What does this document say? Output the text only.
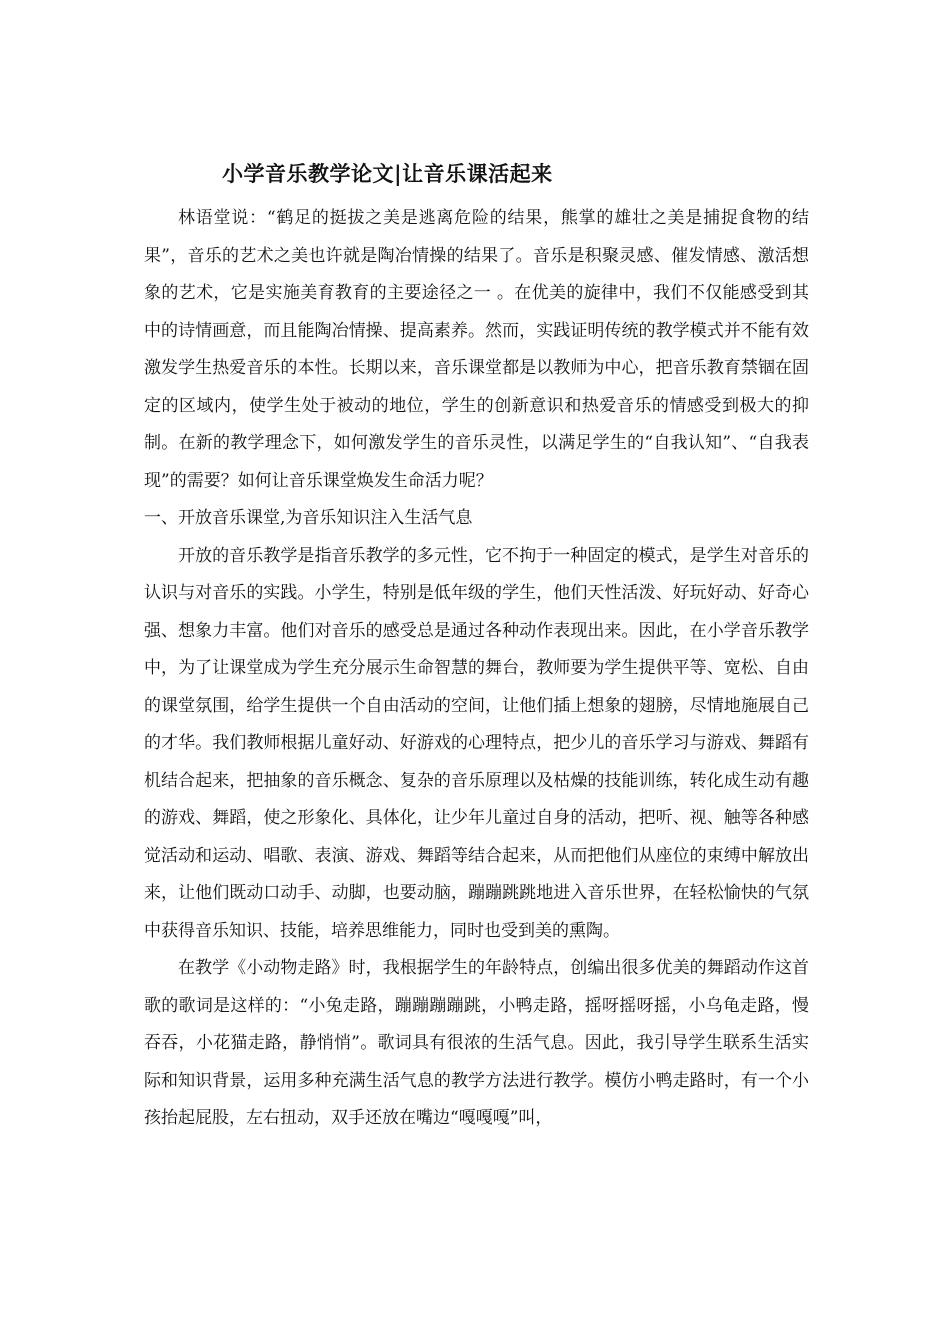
小学音乐教学论文|让音乐课活起来

林语堂说：“鹤足的挺拔之美是逃离危险的结果，熊掌的雄壮之美是捕捉食物的结果”，音乐的艺术之美也许就是陶冶情操的结果了。音乐是积聚灵感、催发情感、激活想象的艺术，它是实施美育教育的主要途径之一 。在优美的旋律中，我们不仅能感受到其中的诗情画意，而且能陶冶情操、提高素养。然而，实践证明传统的教学模式并不能有效激发学生热爱音乐的本性。长期以来，音乐课堂都是以教师为中心，把音乐教育禁锢在固定的区域内，使学生处于被动的地位，学生的创新意识和热爱音乐的情感受到极大的抑制。在新的教学理念下，如何激发学生的音乐灵性，以满足学生的“自我认知”、“自我表现”的需要？如何让音乐课堂焕发生命活力呢？

一、开放音乐课堂,为音乐知识注入生活气息

开放的音乐教学是指音乐教学的多元性，它不拘于一种固定的模式，是学生对音乐的认识与对音乐的实践。小学生，特别是低年级的学生，他们天性活泼、好玩好动、好奇心强、想象力丰富。他们对音乐的感受总是通过各种动作表现出来。因此，在小学音乐教学中，为了让课堂成为学生充分展示生命智慧的舞台，教师要为学生提供平等、宽松、自由的课堂氛围，给学生提供一个自由活动的空间，让他们插上想象的翅膀，尽情地施展自己的才华。我们教师根据儿童好动、好游戏的心理特点，把少儿的音乐学习与游戏、舞蹈有机结合起来，把抽象的音乐概念、复杂的音乐原理以及枯燥的技能训练，转化成生动有趣的游戏、舞蹈，使之形象化、具体化，让少年儿童过自身的活动，把听、视、触等各种感觉活动和运动、唱歌、表演、游戏、舞蹈等结合起来，从而把他们从座位的束缚中解放出来，让他们既动口动手、动脚，也要动脑，蹦蹦跳跳地进入音乐世界，在轻松愉快的气氛中获得音乐知识、技能，培养思维能力，同时也受到美的熏陶。

在教学《小动物走路》时，我根据学生的年龄特点，创编出很多优美的舞蹈动作这首歌的歌词是这样的：“小兔走路，蹦蹦蹦蹦跳，小鸭走路，摇呀摇呀摇，小乌龟走路，慢吞吞，小花猫走路，静悄悄”。歌词具有很浓的生活气息。因此，我引导学生联系生活实际和知识背景，运用多种充满生活气息的教学方法进行教学。模仿小鸭走路时，有一个小孩抬起屁股，左右扭动，双手还放在嘴边“嘎嘎嘎”叫，
